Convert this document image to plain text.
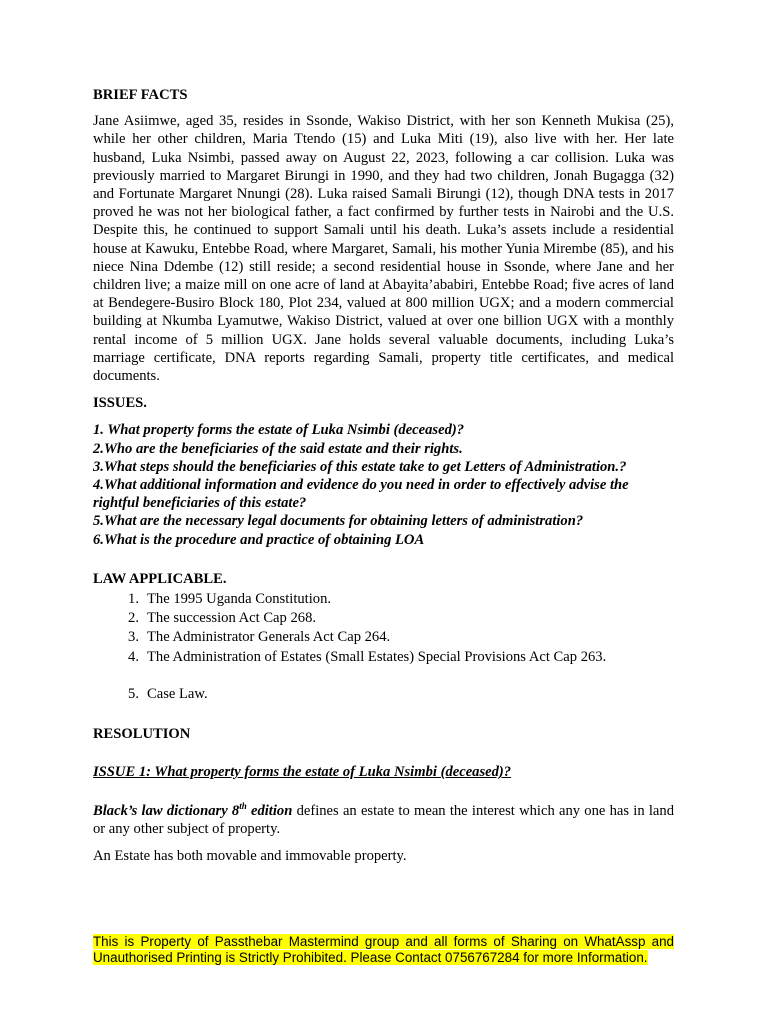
BRIEF FACTS

Jane Asiimwe, aged 35, resides in Ssonde, Wakiso District, with her son Kenneth Mukisa (25), while her other children, Maria Ttendo (15) and Luka Miti (19), also live with her. Her late husband, Luka Nsimbi, passed away on August 22, 2023, following a car collision. Luka was previously married to Margaret Birungi in 1990, and they had two children, Jonah Bugagga (32) and Fortunate Margaret Nnungi (28). Luka raised Samali Birungi (12), though DNA tests in 2017 proved he was not her biological father, a fact confirmed by further tests in Nairobi and the U.S. Despite this, he continued to support Samali until his death. Luka’s assets include a residential house at Kawuku, Entebbe Road, where Margaret, Samali, his mother Yunia Mirembe (85), and his niece Nina Ddembe (12) still reside; a second residential house in Ssonde, where Jane and her children live; a maize mill on one acre of land at Abayita’ababiri, Entebbe Road; five acres of land at Bendegere-Busiro Block 180, Plot 234, valued at 800 million UGX; and a modern commercial building at Nkumba Lyamutwe, Wakiso District, valued at over one billion UGX with a monthly rental income of 5 million UGX. Jane holds several valuable documents, including Luka’s marriage certificate, DNA reports regarding Samali, property title certificates, and medical documents.

ISSUES.

1. What property forms the estate of Luka Nsimbi (deceased)?

2.Who are the beneficiaries of the said estate and their rights.

3.What steps should the beneficiaries of this estate take to get Letters of Administration.?

4.What additional information and evidence do you need in order to effectively advise the rightful beneficiaries of this estate?

5.What are the necessary legal documents for obtaining letters of administration?

6.What is the procedure and practice of obtaining LOA

LAW APPLICABLE.
1. The 1995 Uganda Constitution.
2. The succession Act Cap 268.
3. The Administrator Generals Act Cap 264.
4. The Administration of Estates (Small Estates) Special Provisions Act Cap 263.
5. Case Law.
RESOLUTION

ISSUE 1: What property forms the estate of Luka Nsimbi (deceased)?

Black’s law dictionary 8th edition defines an estate to mean the interest which any one has in land or any other subject of property.

An Estate has both movable and immovable property.

This is Property of Passthebar Mastermind group and all forms of Sharing on WhatAssp and Unauthorised Printing is Strictly Prohibited. Please Contact 0756767284 for more Information.
